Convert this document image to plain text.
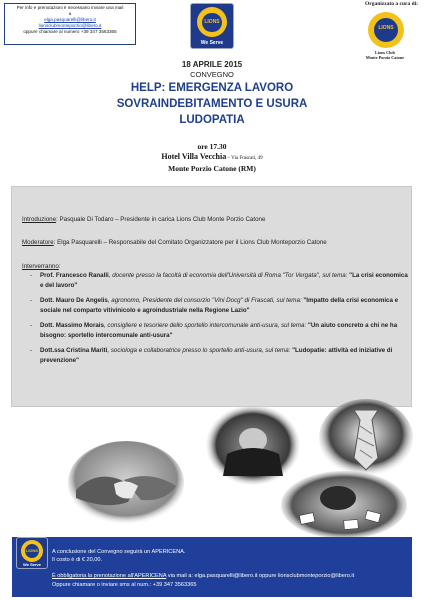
Per info e prenotazioni è necessario inviare una mail
a
elga.pasquarelli@libero.it
lionsclubmonteporzio@libero.it
oppure chiamare al numero +39 347 3563365
LIONS
We Serve
Organizzato a cura di:
LIONS
Lions Club
Monte Porzio Catone
18 APRILE 2015
CONVEGNO
HELP: EMERGENZA LAVORO
SOVRAINDEBITAMENTO E USURA
LUDOPATIA
ore 17.30
Hotel Villa Vecchia – Via Frascati, 49
Monte Porzio Catone (RM)
Introduzione: Pasquale Di Todaro – Presidente in carica Lions Club Monte Porzio Catone
Moderatore: Elga Pasquarelli – Responsabile del Comitato Organizzatore per il Lions Club Monteporzio Catone
Interverranno:
- Prof. Francesco Ranalli, docente presso la facoltà di economia dell'Università di Roma "Tor Vergata", sul tema: "La crisi economica e del lavoro"
- Dott. Mauro De Angelis, agronomo, Presidente del consorzio "Vini Docg" di Frascati, sul tema: "Impatto della crisi economica e sociale nel comparto vitivinicolo e agroindustriale nella Regione Lazio"
- Dott. Massimo Morais, consigliere e tesoriere dello sportello intercomunale anti-usura, sul tema: "Un aiuto concreto a chi ne ha bisogno: sportello intercomunale anti-usura"
- Dott.ssa Cristina Mariti, sociologa e collaboratrice presso lo sportello anti-usura, sul tema: "Ludopatie: attività ed iniziative di prevenzione"
LIONS
We Serve
A conclusione del Convegno seguirà un APERICENA.
Il costo è di € 20,00.
È obbligatoria la prenotazione all'APERICENA via mail a: elga.pasquarelli@libero.it oppure lionsclubmonteporzio@libero.it
Oppure chiamare o inviare sms al num.: +39 347 3563365
